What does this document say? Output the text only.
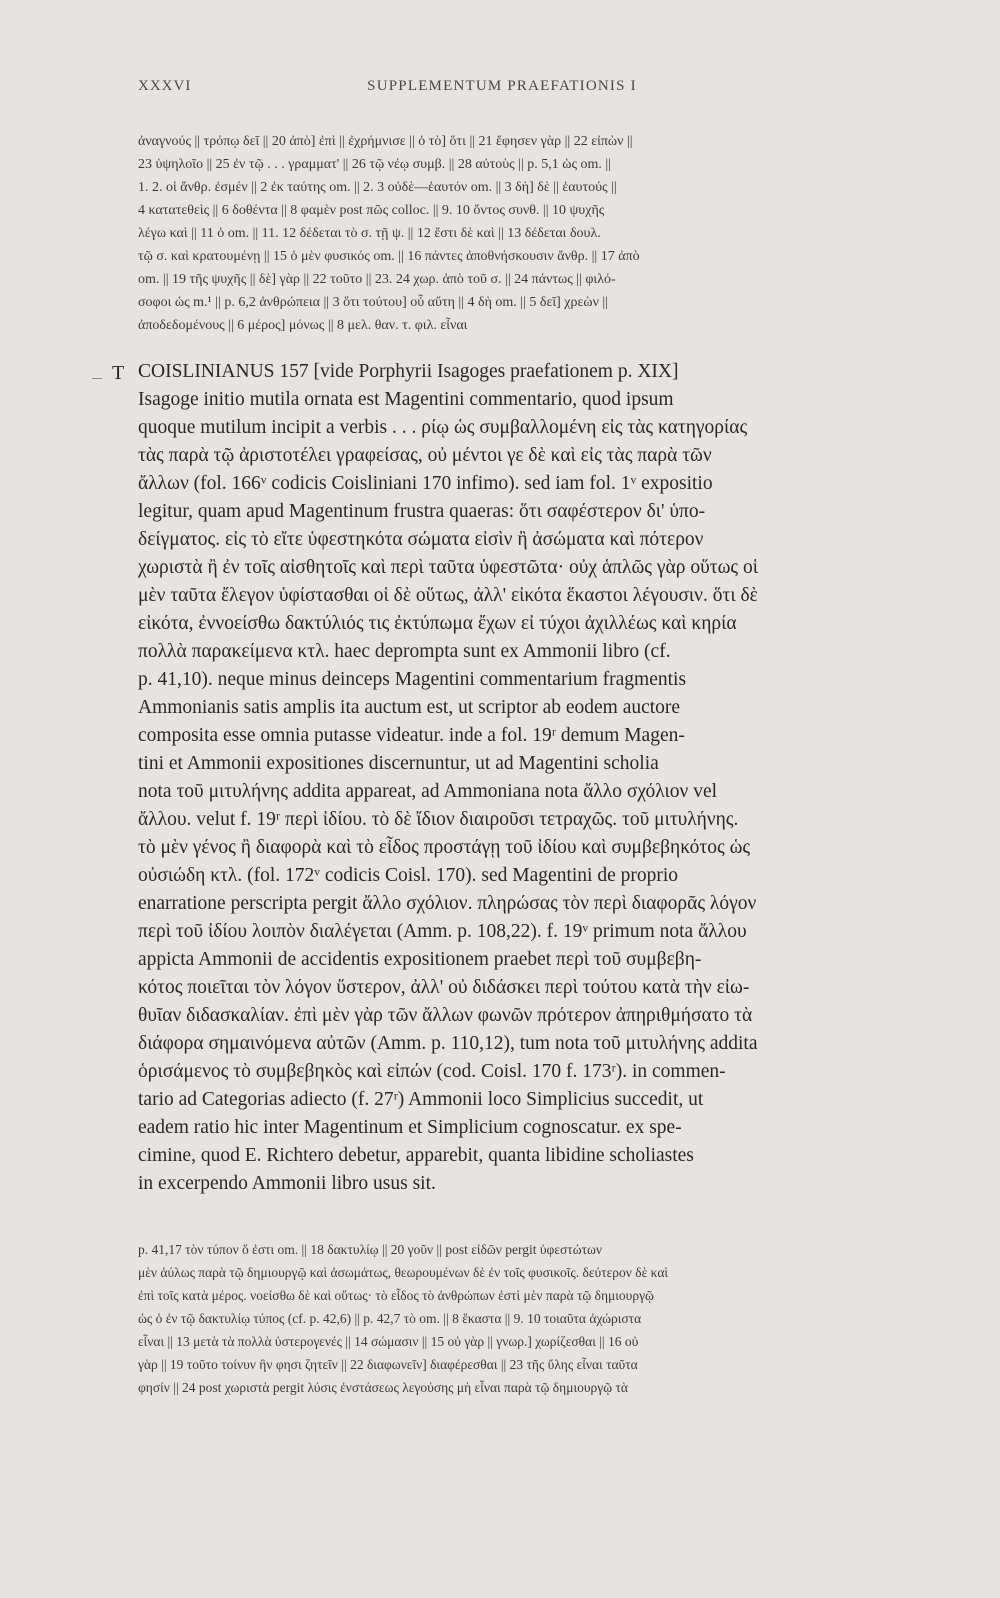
XXXVI	SUPPLEMENTUM PRAEFATIONIS I
ἀναγνούς || τρόπῳ δεῖ || 20 ἀπὸ] ἐπὶ || ἐχρήμνισε || ὁ τὸ] ὅτι || 21 ἔφησεν γὰρ || 22 εἰπὼν ||
23 ὑψηλοῖο || 25 ἐν τῷ . . . γραμματ' || 26 τῷ νέῳ συμβ. || 28 αὐτοὺς || p. 5,1 ὡς om. ||
1. 2. οἱ ἄνθρ. ἐσμέν || 2 ἐκ ταύτης om. || 2. 3 οὐδὲ—ἑαυτόν om. || 3 δὴ] δὲ || ἑαυτούς ||
4 κατατεθεὶς || 6 δοθέντα || 8 φαμὲν post πῶς colloc. || 9. 10 ὄντος συνθ. || 10 ψυχῆς
λέγω καὶ || 11 ὁ om. || 11. 12 δέδεται τὸ σ. τῇ ψ. || 12 ἔστι δὲ καὶ || 13 δέδεται δουλ.
τῷ σ. καὶ κρατουμένῃ || 15 ὁ μὲν φυσικός om. || 16 πάντες ἀποθνήσκουσιν ἄνθρ. || 17 ἀπὸ
om. || 19 τῆς ψυχῆς || δὲ] γὰρ || 22 τοῦτο || 23. 24 χωρ. ἀπὸ τοῦ σ. || 24 πάντως || φιλό-
σοφοι ὡς m.¹ || p. 6,2 ἀνθρώπεια || 3 ὅτι τούτου] οὗ αὕτη || 4 δὴ om. || 5 δεῖ] χρεὼν ||
ἀποδεδομένους || 6 μέρος] μόνως || 8 μελ. θαν. τ. φιλ. εἶναι
T COISLINIANUS 157 [vide Porphyrii Isagoges praefationem p. XIX]
Isagoge initio mutila ornata est Magentini commentario, quod ipsum
quoque mutilum incipit a verbis . . . ρίῳ ὡς συμβαλλομένη εἰς τὰς κατηγορίας
τὰς παρὰ τῷ ἀριστοτέλει γραφείσας, οὐ μέντοι γε δὲ καὶ εἰς τὰς παρὰ τῶν
ἄλλων (fol. 166ᵛ codicis Coisliniani 170 infimo). sed iam fol. 1ᵛ expositio
legitur, quam apud Magentinum frustra quaeras: ὅτι σαφέστερον δι' ὑπο-
δείγματος. εἰς τὸ εἴτε ὑφεστηκότα σώματα εἰσὶν ἢ ἀσώματα καὶ πότερον
χωριστὰ ἢ ἐν τοῖς αἰσθητοῖς καὶ περὶ ταῦτα ὑφεστῶτα· οὐχ ἁπλῶς γὰρ οὕτως οἱ
μὲν ταῦτα ἔλεγον ὑφίστασθαι οἱ δὲ οὕτως, ἀλλ' εἰκότα ἕκαστοι λέγουσιν. ὅτι δὲ
εἰκότα, ἐννοείσθω δακτύλιός τις ἐκτύπωμα ἔχων εἰ τύχοι ἀχιλλέως καὶ κηρία
πολλὰ παρακείμενα κτλ. haec deprompta sunt ex Ammonii libro (cf.
p. 41,10). neque minus deinceps Magentini commentarium fragmentis
Ammonianis satis amplis ita auctum est, ut scriptor ab eodem auctore
composita esse omnia putasse videatur. inde a fol. 19ʳ demum Magen-
tini et Ammonii expositiones discernuntur, ut ad Magentini scholia
nota τοῦ μιτυλήνης addita appareat, ad Ammoniana nota ἄλλο σχόλιον vel
ἄλλου. velut f. 19ʳ περὶ ἰδίου. τὸ δὲ ἴδιον διαιροῦσι τετραχῶς. τοῦ μιτυλήνης.
τὸ μὲν γένος ἢ διαφορὰ καὶ τὸ εἶδος προστάγῃ τοῦ ἰδίου καὶ συμβεβηκότος ὡς
οὐσιώδη κτλ. (fol. 172ᵛ codicis Coisl. 170). sed Magentini de proprio
enarratione perscripta pergit ἄλλο σχόλιον. πληρώσας τὸν περὶ διαφορᾶς λόγον
περὶ τοῦ ἰδίου λοιπὸν διαλέγεται (Amm. p. 108,22). f. 19ᵛ primum nota ἄλλου
appicta Ammonii de accidentis expositionem praebet περὶ τοῦ συμβεβη-
κότος ποιεῖται τὸν λόγον ὕστερον, ἀλλ' οὐ διδάσκει περὶ τούτου κατὰ τὴν εἰω-
θυῖαν διδασκαλίαν. ἐπὶ μὲν γὰρ τῶν ἄλλων φωνῶν πρότερον ἀπηριθμήσατο τὰ
διάφορα σημαινόμενα αὐτῶν (Amm. p. 110,12), tum nota τοῦ μιτυλήνης addita
ὁρισάμενος τὸ συμβεβηκὸς καὶ εἰπών (cod. Coisl. 170 f. 173ʳ). in commen-
tario ad Categorias adiecto (f. 27ʳ) Ammonii loco Simplicius succedit, ut
eadem ratio hic inter Magentinum et Simplicium cognoscatur. ex spe-
cimine, quod E. Richtero debetur, apparebit, quanta libidine scholiastes
in excerpendo Ammonii libro usus sit.
p. 41,17 τὸν τύπον ὅ ἐστι om. || 18 δακτυλίῳ || 20 γοῦν || post εἰδῶν pergit ὑφεστώτων
μὲν ἀύλως παρὰ τῷ δημιουργῷ καὶ ἀσωμάτως, θεωρουμένων δὲ ἐν τοῖς φυσικοῖς. δεύτερον δὲ καὶ
ἐπὶ τοῖς κατὰ μέρος. νοείσθω δὲ καὶ οὕτως· τὸ εἶδος τὸ ἀνθρώπων ἐστὶ μὲν παρὰ τῷ δημιουργῷ
ὡς ὁ ἐν τῷ δακτυλίῳ τύπος (cf. p. 42,6) || p. 42,7 τὸ om. || 8 ἕκαστα || 9. 10 τοιαῦτα ἀχώριστα
εἶναι || 13 μετὰ τὰ πολλὰ ὑστερογενές || 14 σώμασιν || 15 οὐ γὰρ || γνωρ.] χωρίζεσθαι || 16 οὐ
γὰρ || 19 τοῦτο τοίνυν ἣν φησι ζητεῖν || 22 διαφωνεῖν] διαφέρεσθαι || 23 τῆς ὕλης εἶναι ταῦτα
φησίν || 24 post χωριστὰ pergit λύσις ἐνστάσεως λεγούσης μὴ εἶναι παρὰ τῷ δημιουργῷ τὰ
